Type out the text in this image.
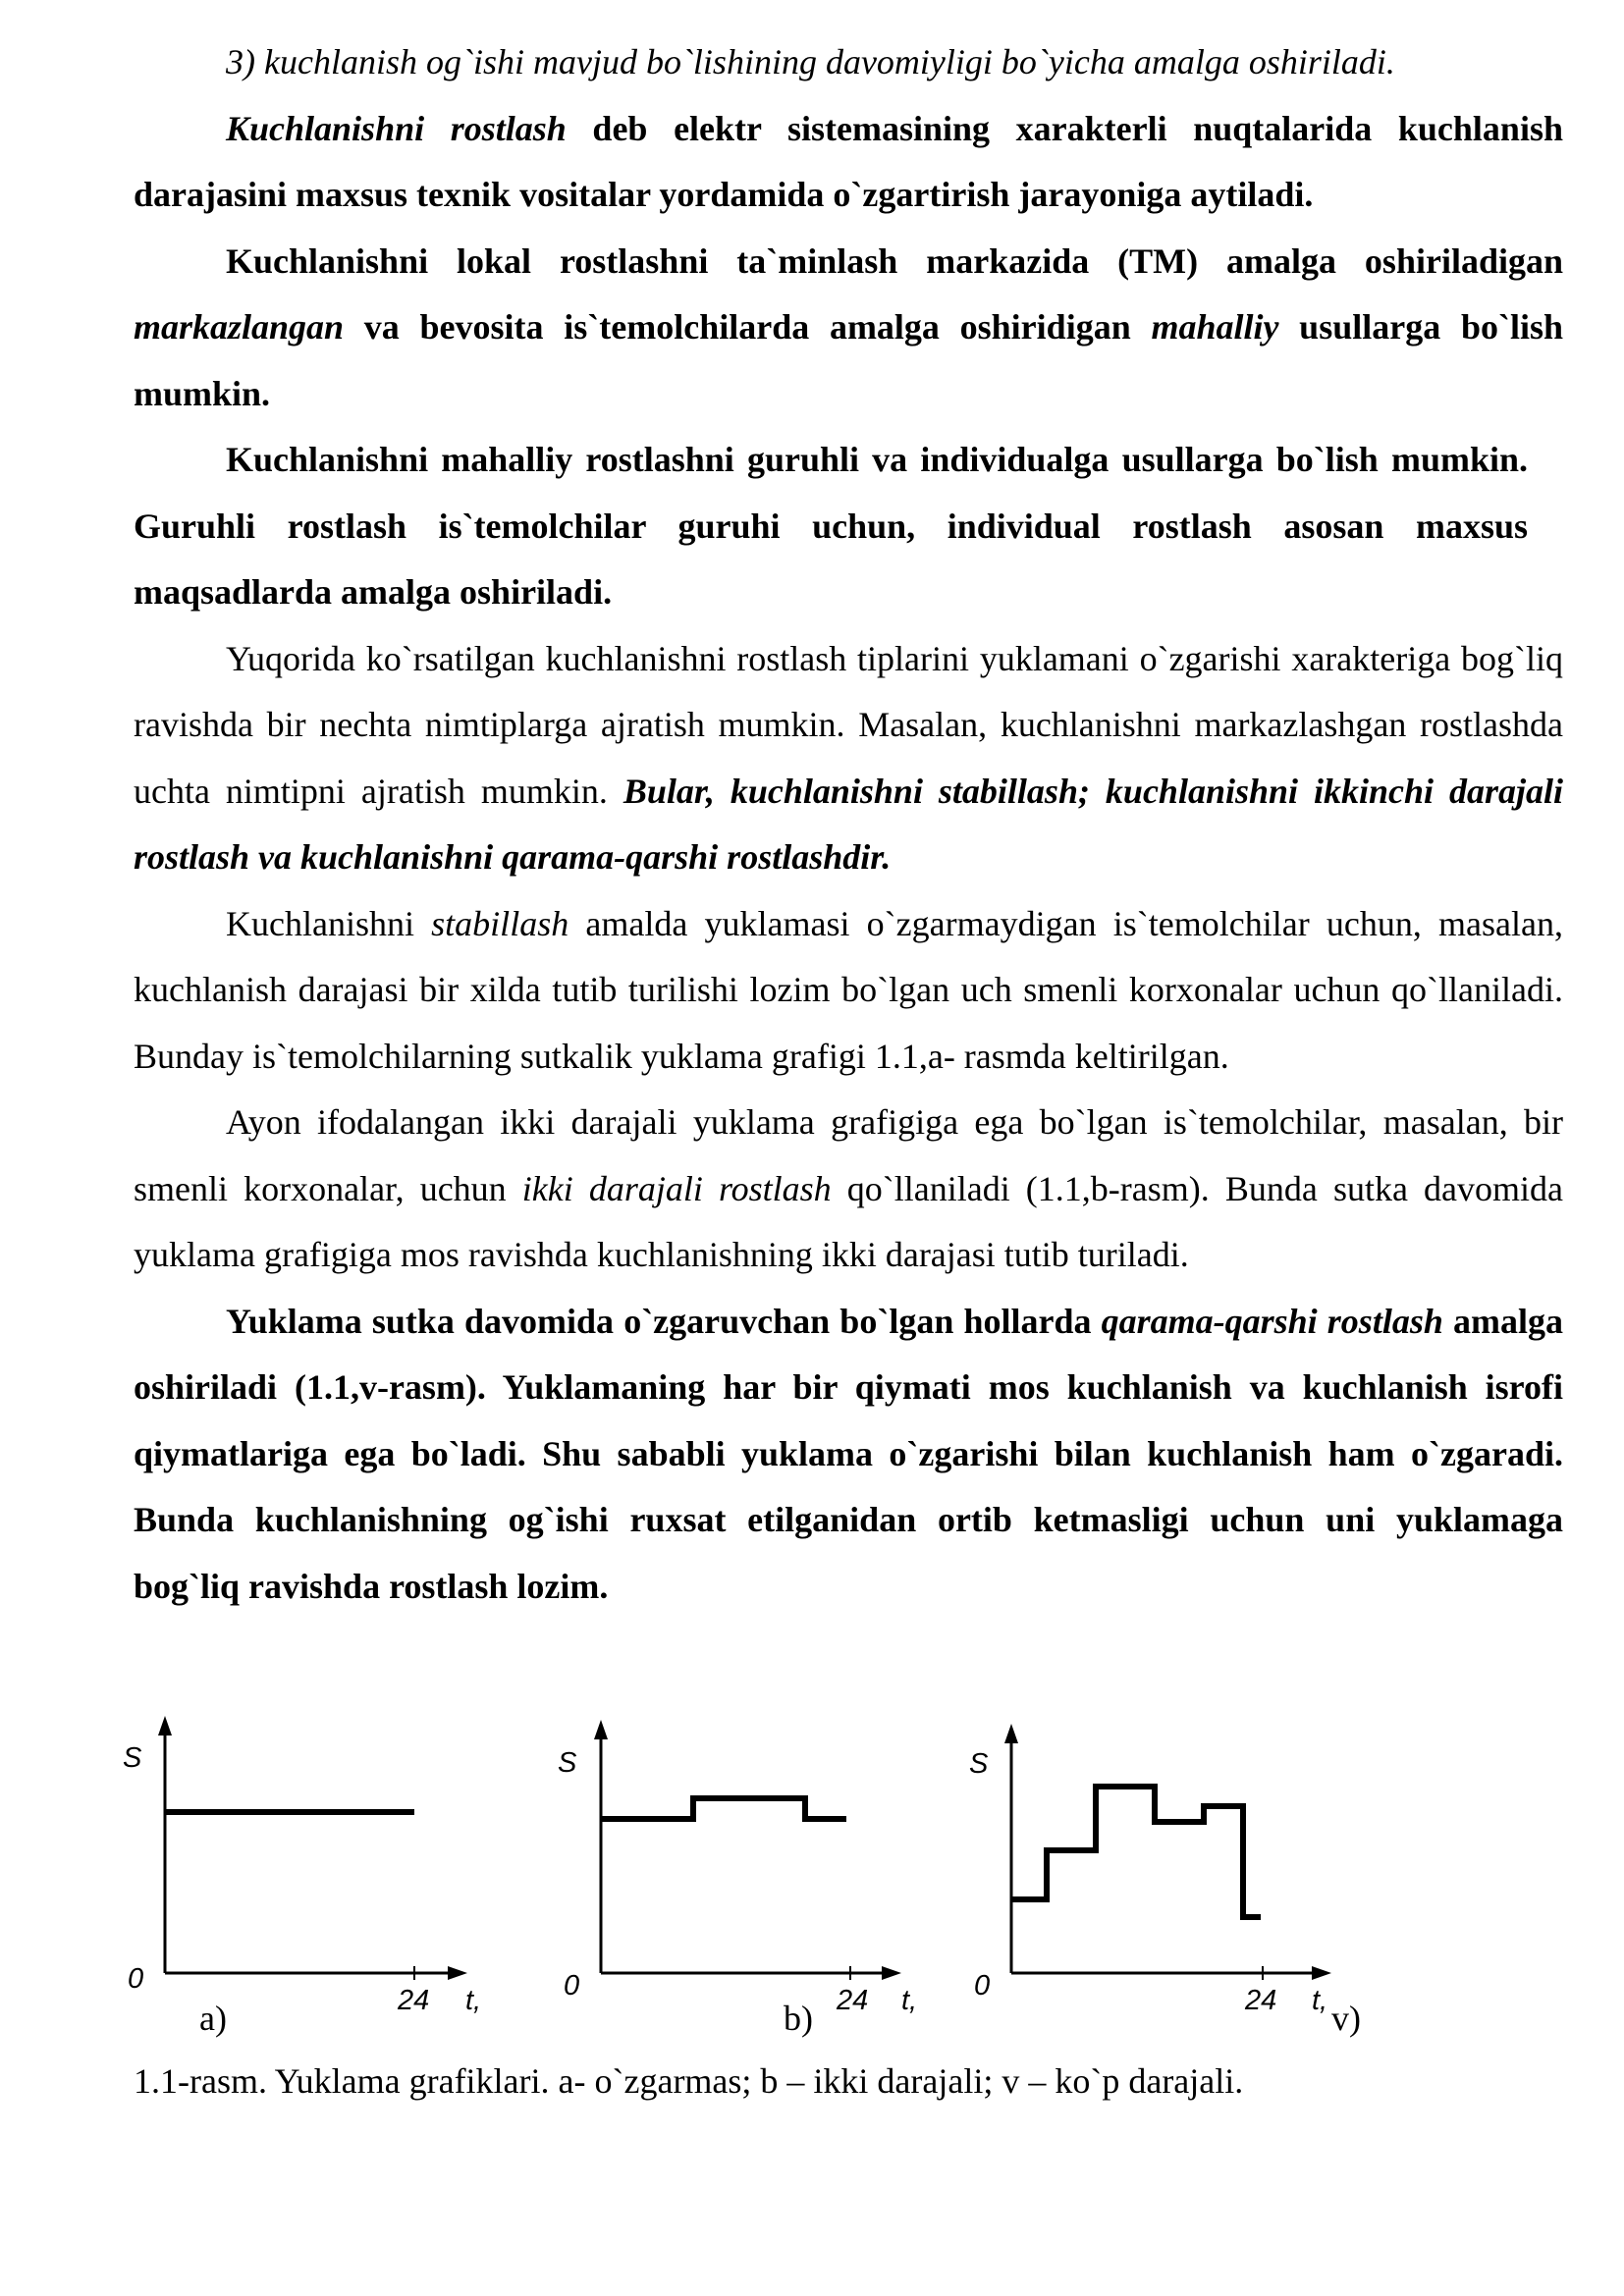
3) kuchlanish og`ishi mavjud bo`lishining davomiyligi bo`yicha amalga oshiriladi.

Kuchlanishni rostlash deb elektr sistemasining xarakterli nuqtalarida kuchlanish darajasini maxsus texnik vositalar yordamida o`zgartirish jarayoniga aytiladi.

Kuchlanishni lokal rostlashni ta`minlash markazida (TM) amalga oshiriladigan markazlangan va bevosita is`temolchilarda amalga oshiridigan mahalliy usullarga bo`lish mumkin.

Kuchlanishni mahalliy rostlashni guruhli va individualga usullarga bo`lish mumkin. Guruhli rostlash is`temolchilar guruhi uchun, individual rostlash asosan maxsus maqsadlarda amalga oshiriladi.

Yuqorida ko`rsatilgan kuchlanishni rostlash tiplarini yuklamani o`zgarishi xarakteriga bog`liq ravishda bir nechta nimtiplarga ajratish mumkin. Masalan, kuchlanishni markazlashgan rostlashda uchta nimtipni ajratish mumkin. Bular, kuchlanishni stabillash; kuchlanishni ikkinchi darajali rostlash va kuchlanishni qarama-qarshi rostlashdir.

Kuchlanishni stabillash amalda yuklamasi o`zgarmaydigan is`temolchilar uchun, masalan, kuchlanish darajasi bir xilda tutib turilishi lozim bo`lgan uch smenli korxonalar uchun qo`llaniladi. Bunday is`temolchilarning sutkalik yuklama grafigi 1.1,a- rasmda keltirilgan.

Ayon ifodalangan ikki darajali yuklama grafigiga ega bo`lgan is`temolchilar, masalan, bir smenli korxonalar, uchun ikki darajali rostlash qo`llaniladi (1.1,b-rasm). Bunda sutka davomida yuklama grafigiga mos ravishda kuchlanishning ikki darajasi tutib turiladi.

Yuklama sutka davomida o`zgaruvchan bo`lgan hollarda qarama-qarshi rostlash amalga oshiriladi (1.1,v-rasm). Yuklamaning har bir qiymati mos kuchlanish va kuchlanish isrofi qiymatlariga ega bo`ladi. Shu sababli yuklama o`zgarishi bilan kuchlanish ham o`zgaradi. Bunda kuchlanishning og`ishi ruxsat etilganidan ortib ketmasligi uchun uni yuklamaga bog`liq ravishda rostlash lozim.

S
0
24 t,
a)
S
0	24 t,
b)
S
0	24 t, v)
1.1-rasm. Yuklama grafiklari. a- o`zgarmas; b – ikki darajali; v – ko`p darajali.
